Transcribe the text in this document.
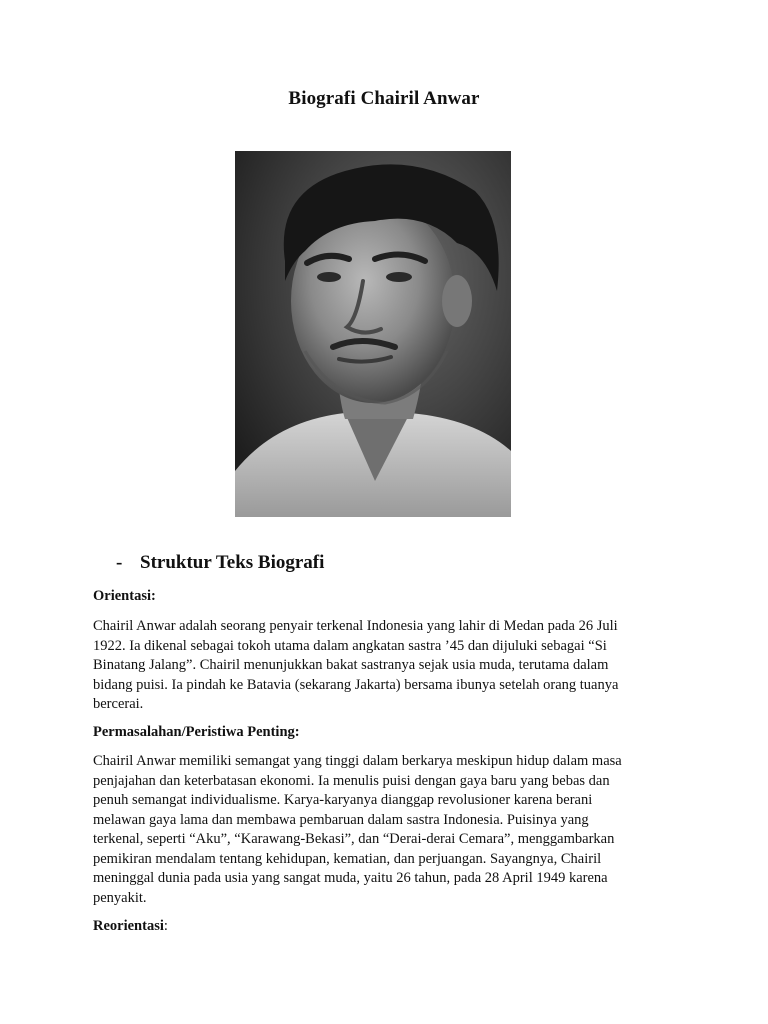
Biografi Chairil Anwar
- Struktur Teks Biografi
Orientasi:
Chairil Anwar adalah seorang penyair terkenal Indonesia yang lahir di Medan pada 26 Juli
1922. Ia dikenal sebagai tokoh utama dalam angkatan sastra ’45 dan dijuluki sebagai “Si
Binatang Jalang”. Chairil menunjukkan bakat sastranya sejak usia muda, terutama dalam
bidang puisi. Ia pindah ke Batavia (sekarang Jakarta) bersama ibunya setelah orang tuanya
bercerai.
Permasalahan/Peristiwa Penting:
Chairil Anwar memiliki semangat yang tinggi dalam berkarya meskipun hidup dalam masa
penjajahan dan keterbatasan ekonomi. Ia menulis puisi dengan gaya baru yang bebas dan
penuh semangat individualisme. Karya-karyanya dianggap revolusioner karena berani
melawan gaya lama dan membawa pembaruan dalam sastra Indonesia. Puisinya yang
terkenal, seperti “Aku”, “Karawang-Bekasi”, dan “Derai-derai Cemara”, menggambarkan
pemikiran mendalam tentang kehidupan, kematian, dan perjuangan. Sayangnya, Chairil
meninggal dunia pada usia yang sangat muda, yaitu 26 tahun, pada 28 April 1949 karena
penyakit.
Reorientasi:
